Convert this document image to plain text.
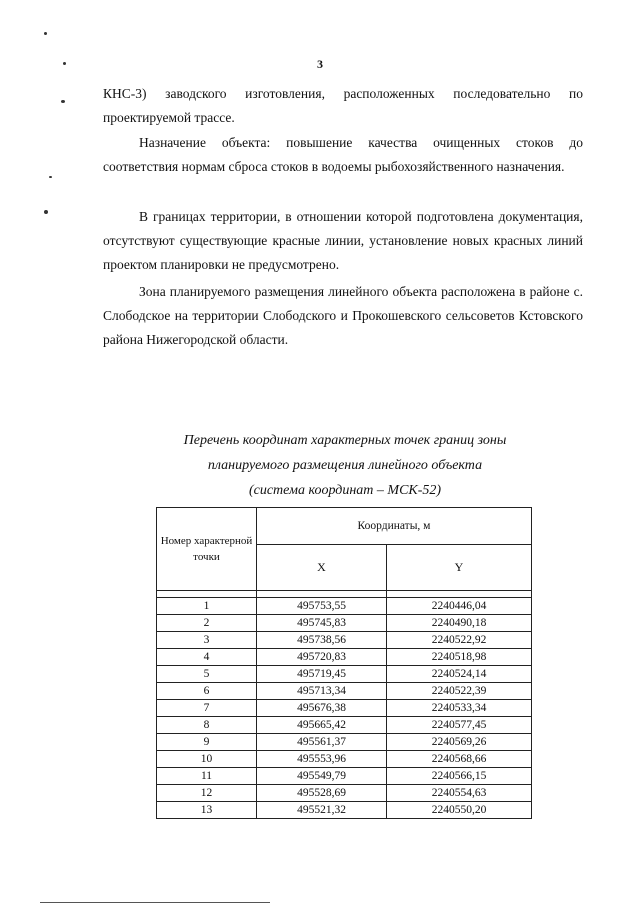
3

КНС-3) заводского изготовления, расположенных последовательно по проектируемой трассе.

Назначение объекта: повышение качества очищенных стоков до соответствия нормам сброса стоков в водоемы рыбохозяйственного назначения.

В границах территории, в отношении которой подготовлена документация, отсутствуют существующие красные линии, установление новых красных линий проектом планировки не предусмотрено.

Зона планируемого размещения линейного объекта расположена в районе с. Слободское на территории Слободского и Прокошевского сельсоветов Кстовского района Нижегородской области.

Перечень координат характерных точек границ зоны
планируемого размещения линейного объекта
(система координат – МСК-52)

Номер характерной точки	Координаты, м	
	X	Y

1	495753,55	2240446,04
2	495745,83	2240490,18
3	495738,56	2240522,92
4	495720,83	2240518,98
5	495719,45	2240524,14
6	495713,34	2240522,39
7	495676,38	2240533,34
8	495665,42	2240577,45
9	495561,37	2240569,26
10	495553,96	2240568,66
11	495549,79	2240566,15
12	495528,69	2240554,63
13	495521,32	2240550,20
